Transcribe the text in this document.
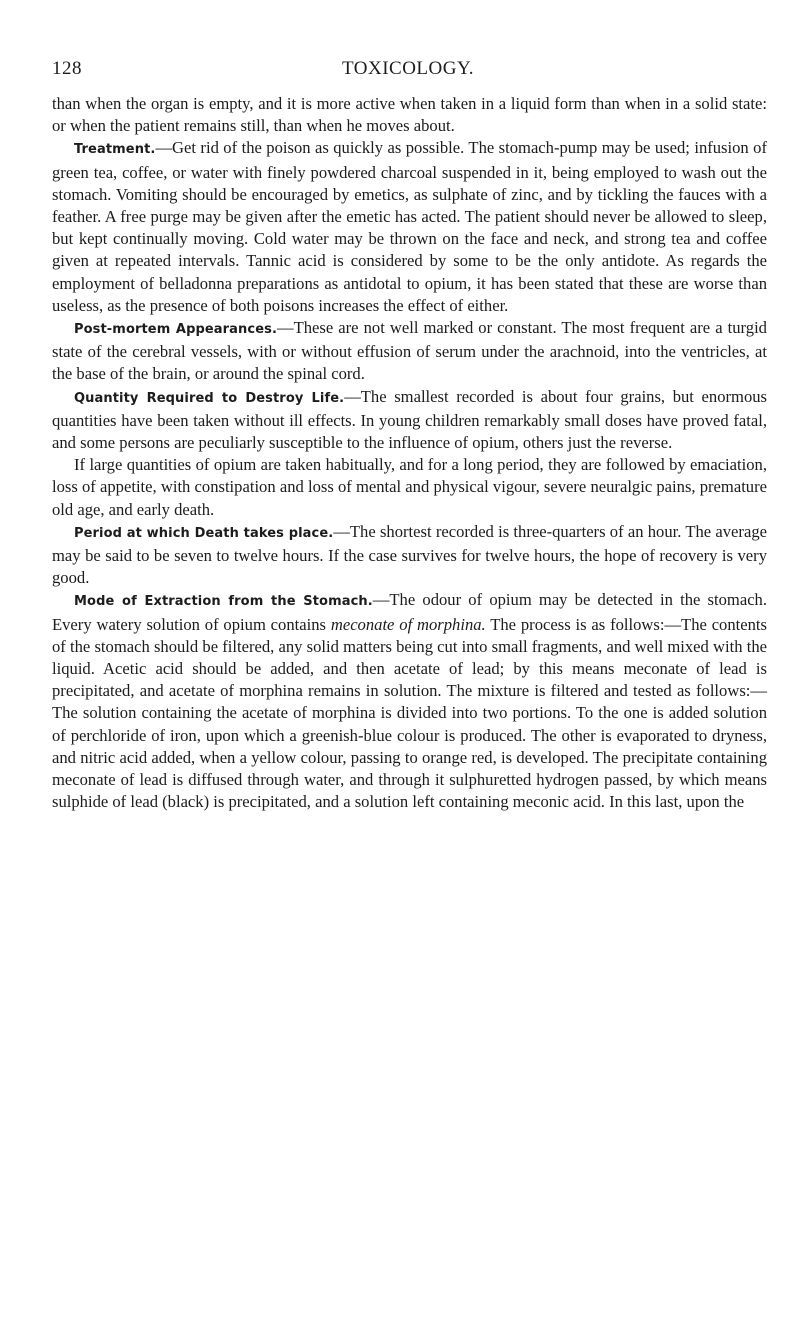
128	TOXICOLOGY.

than when the organ is empty, and it is more active when taken in a liquid form than when in a solid state: or when the patient remains still, than when he moves about.

Treatment.—Get rid of the poison as quickly as possible. The stomach-pump may be used; infusion of green tea, coffee, or water with finely powdered charcoal suspended in it, being employed to wash out the stomach. Vomiting should be encouraged by emetics, as sulphate of zinc, and by tickling the fauces with a feather. A free purge may be given after the emetic has acted. The patient should never be allowed to sleep, but kept continually moving. Cold water may be thrown on the face and neck, and strong tea and coffee given at repeated intervals. Tannic acid is considered by some to be the only antidote. As regards the employment of belladonna preparations as antidotal to opium, it has been stated that these are worse than useless, as the presence of both poisons increases the effect of either.

Post-mortem Appearances.—These are not well marked or constant. The most frequent are a turgid state of the cerebral vessels, with or without effusion of serum under the arachnoid, into the ventricles, at the base of the brain, or around the spinal cord.

Quantity Required to Destroy Life.—The smallest recorded is about four grains, but enormous quantities have been taken without ill effects. In young children remarkably small doses have proved fatal, and some persons are peculiarly susceptible to the influence of opium, others just the reverse.

If large quantities of opium are taken habitually, and for a long period, they are followed by emaciation, loss of appetite, with constipation and loss of mental and physical vigour, severe neuralgic pains, premature old age, and early death.

Period at which Death takes place.—The shortest recorded is three-quarters of an hour. The average may be said to be seven to twelve hours. If the case survives for twelve hours, the hope of recovery is very good.

Mode of Extraction from the Stomach.—The odour of opium may be detected in the stomach. Every watery solution of opium contains meconate of morphina. The process is as follows:—The contents of the stomach should be filtered, any solid matters being cut into small fragments, and well mixed with the liquid. Acetic acid should be added, and then acetate of lead; by this means meconate of lead is precipitated, and acetate of morphina remains in solution. The mixture is filtered and tested as follows:—The solution containing the acetate of morphina is divided into two portions. To the one is added solution of perchloride of iron, upon which a greenish-blue colour is produced. The other is evaporated to dryness, and nitric acid added, when a yellow colour, passing to orange red, is developed. The precipitate containing meconate of lead is diffused through water, and through it sulphuretted hydrogen passed, by which means sulphide of lead (black) is precipitated, and a solution left containing meconic acid. In this last, upon the
